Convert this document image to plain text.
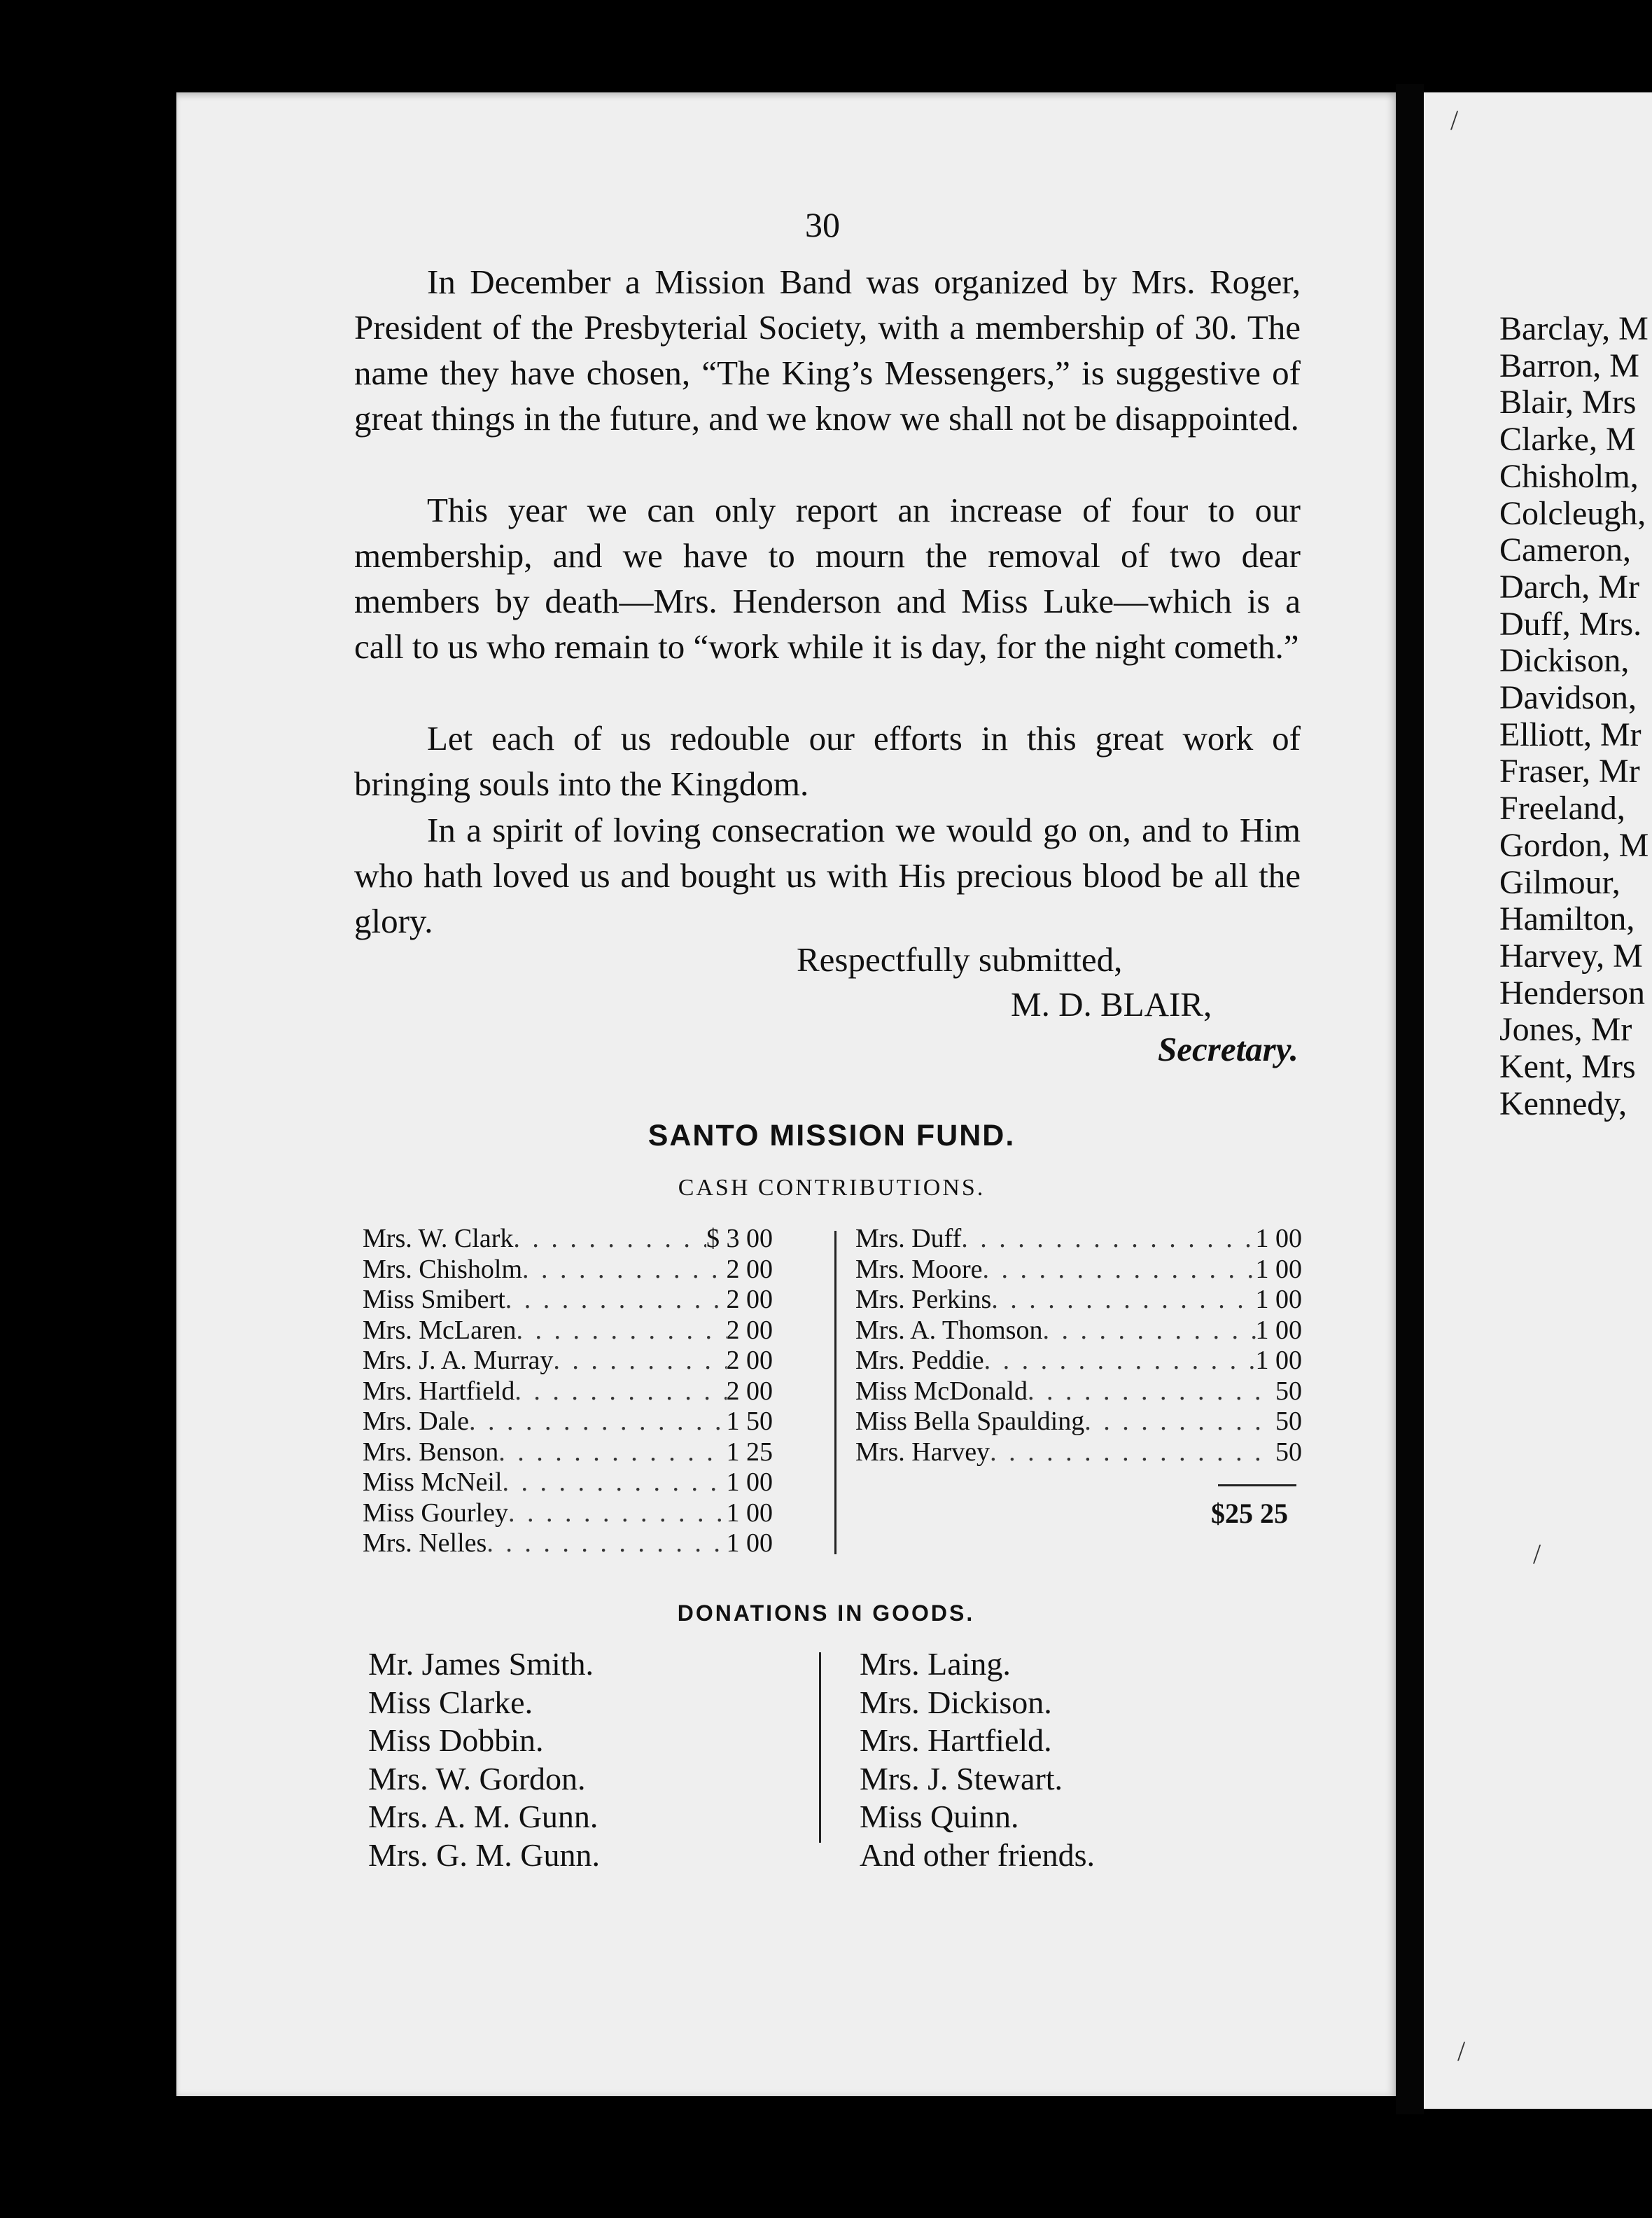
30
In December a Mission Band was organized by Mrs. Roger, President of the Presbyterial Society, with a membership of 30. The name they have chosen, “The King’s Messengers,” is suggestive of great things in the future, and we know we shall not be disappointed.
This year we can only report an increase of four to our membership, and we have to mourn the removal of two dear members by death—Mrs. Henderson and Miss Luke—which is a call to us who remain to “work while it is day, for the night cometh.”
Let each of us redouble our efforts in this great work of bringing souls into the Kingdom.
In a spirit of loving consecration we would go on, and to Him who hath loved us and bought us with His precious blood be all the glory.
Respectfully submitted,
M. D. BLAIR,
Secretary.
SANTO MISSION FUND.
CASH CONTRIBUTIONS.
Mrs. W. Clark . . .	$ 3 00
Mrs. Chisholm . . .	2 00
Miss Smibert . . .	2 00
Mrs. McLaren . . .	2 00
Mrs. J. A. Murray . . .	2 00
Mrs. Hartfield . . .	2 00
Mrs. Dale . . .	1 50
Mrs. Benson . . .	1 25
Miss McNeil . . .	1 00
Miss Gourley . . .	1 00
Mrs. Nelles . . .	1 00
Mrs. Duff . . .	1 00
Mrs. Moore . . .	1 00
Mrs. Perkins . . .	1 00
Mrs. A. Thomson . . .	1 00
Mrs. Peddie . . .	1 00
Miss McDonald . . .	50
Miss Bella Spaulding . . .	50
Mrs. Harvey . . .	50
$25 25
DONATIONS IN GOODS.
Mr. James Smith.
Miss Clarke.
Miss Dobbin.
Mrs. W. Gordon.
Mrs. A. M. Gunn.
Mrs. G. M. Gunn.
Mrs. Laing.
Mrs. Dickison.
Mrs. Hartfield.
Mrs. J. Stewart.
Miss Quinn.
And other friends.
Barclay, M
Barron, M
Blair, Mrs
Clarke, M
Chisholm,
Colcleugh,
Cameron,
Darch, Mr
Duff, Mrs.
Dickison,
Davidson,
Elliott, Mr
Fraser, Mr
Freeland,
Gordon, M
Gilmour,
Hamilton,
Harvey, M
Henderson
Jones, Mr
Kent, Mrs
Kennedy,
/
/
/
